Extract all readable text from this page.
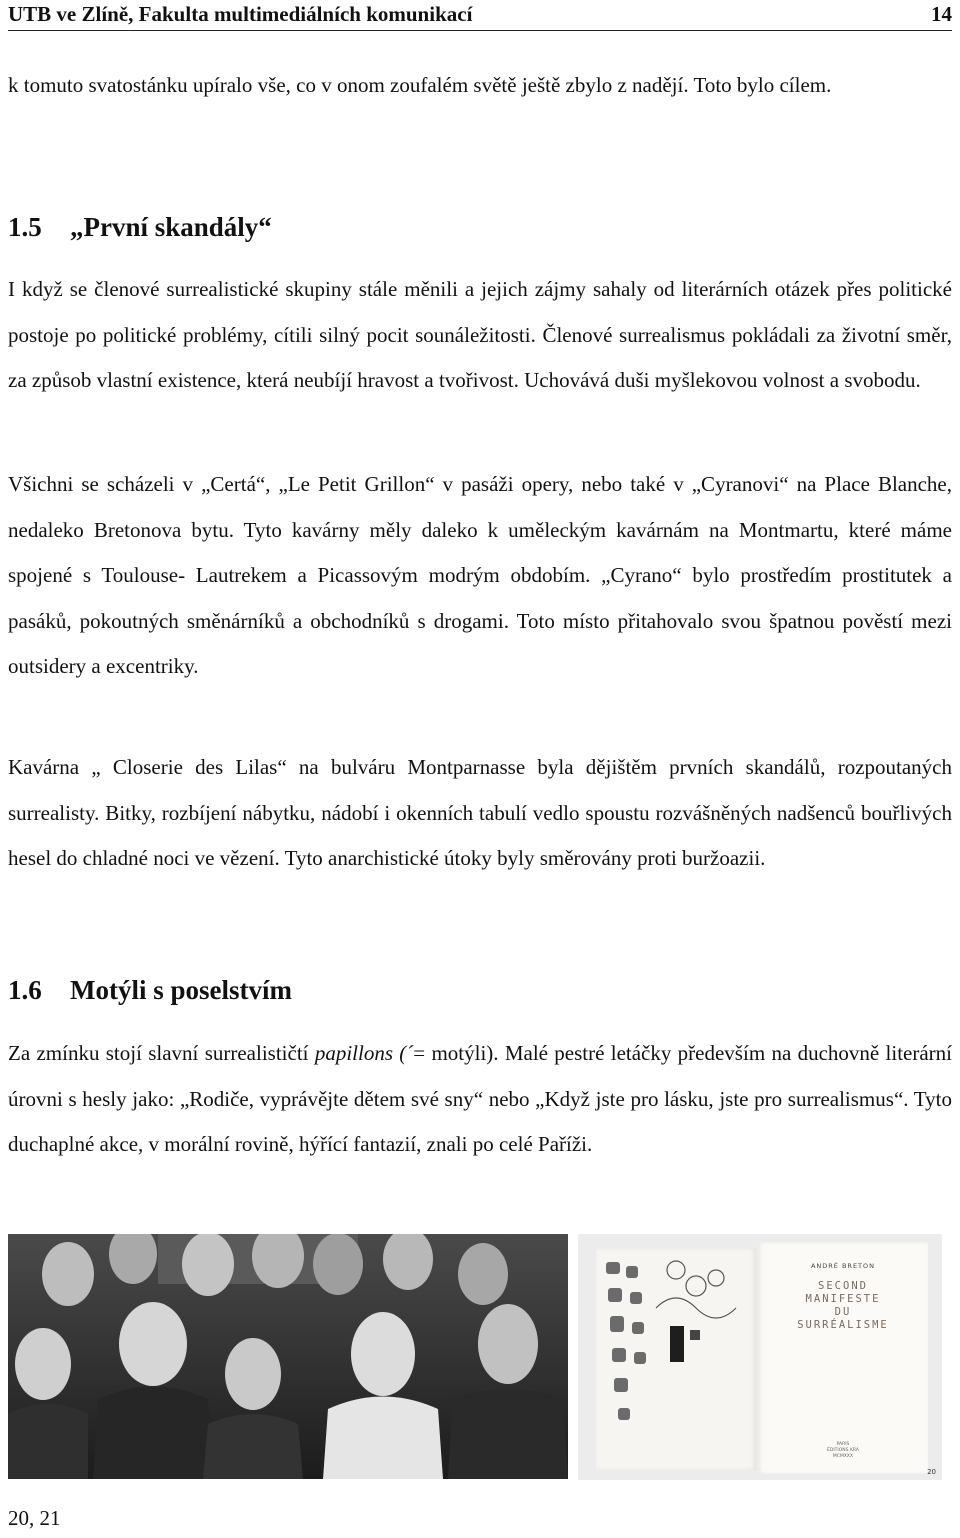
UTB ve Zlíně, Fakulta multimediálních komunikací	14

k tomuto svatostánku upíralo vše, co v onom zoufalém světě ještě zbylo z nadějí. Toto bylo cílem.

1.5 „První skandály“

I když se členové surrealistické skupiny stále měnili a jejich zájmy sahaly od literárních otázek přes politické postoje po politické problémy, cítili silný pocit sounáležitosti. Členové surrealismus pokládali za životní směr, za způsob vlastní existence, která neubíjí hravost a tvořivost. Uchovává duši myšlekovou volnost a svobodu.

Všichni se scházeli v „Certá“, „Le Petit Grillon“ v pasáži opery, nebo také v „Cyranovi“ na Place Blanche, nedaleko Bretonova bytu. Tyto kavárny měly daleko k uměleckým kavárnám na Montmartu, které máme spojené s Toulouse- Lautrekem a Picassovým modrým obdobím. „Cyrano“ bylo prostředím prostitutek a pasáků, pokoutných směnárníků a obchodníků s drogami. Toto místo přitahovalo svou špatnou pověstí mezi outsidery a excentriky.

Kavárna „ Closerie des Lilas“ na bulváru Montparnasse byla dějištěm prvních skandálů, rozpoutaných surrealisty. Bitky, rozbíjení nábytku, nádobí i okenních tabulí vedlo spoustu rozvášněných nadšenců bouřlivých hesel do chladné noci ve vězení. Tyto anarchistické útoky byly směrovány proti buržoazii.

1.6 Motýli s poselstvím

Za zmínku stojí slavní surrealističtí papillons (´= motýli). Malé pestré letáčky především na duchovně literární úrovni s hesly jako: „Rodiče, vyprávějte dětem své sny“ nebo „Když jste pro lásku, jste pro surrealismus“. Tyto duchaplné akce, v morální rovině, hýřící fantazií, znali po celé Paříži.

ANDRÉ BRETON
SECOND
MANIFESTE
DU
SURRÉALISME
PARIS
ÉDITIONS KRA
MCMXXX
20
20, 21
